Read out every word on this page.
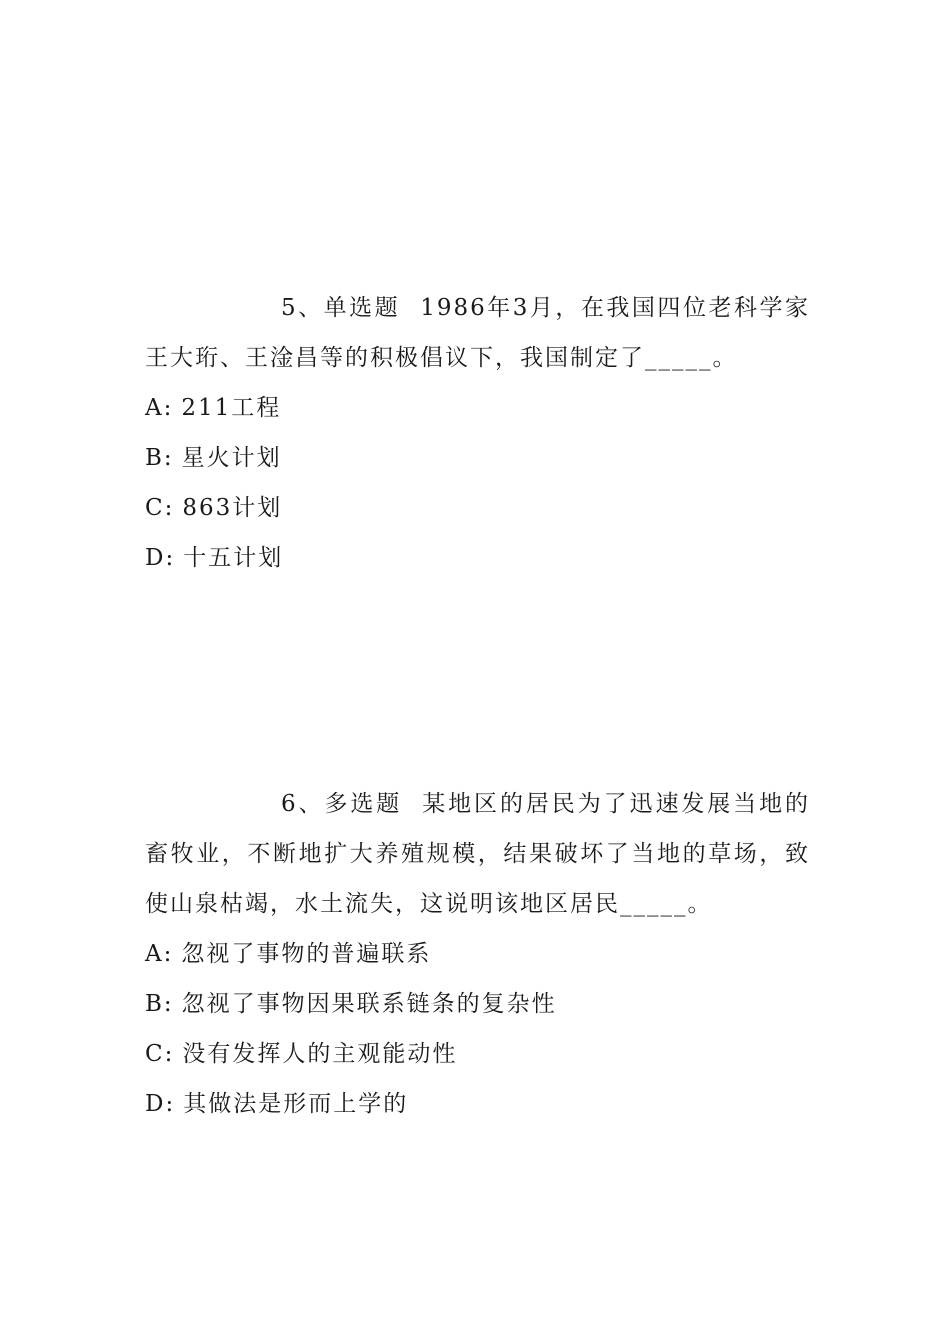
5、单选题 1986年3月，在我国四位老科学家王大珩、王淦昌等的积极倡议下，我国制定了_____。

A: 211工程
B: 星火计划
C: 863计划
D: 十五计划

6、多选题 某地区的居民为了迅速发展当地的畜牧业，不断地扩大养殖规模，结果破坏了当地的草场，致使山泉枯竭，水土流失，这说明该地区居民_____。

A: 忽视了事物的普遍联系
B: 忽视了事物因果联系链条的复杂性
C: 没有发挥人的主观能动性
D: 其做法是形而上学的
